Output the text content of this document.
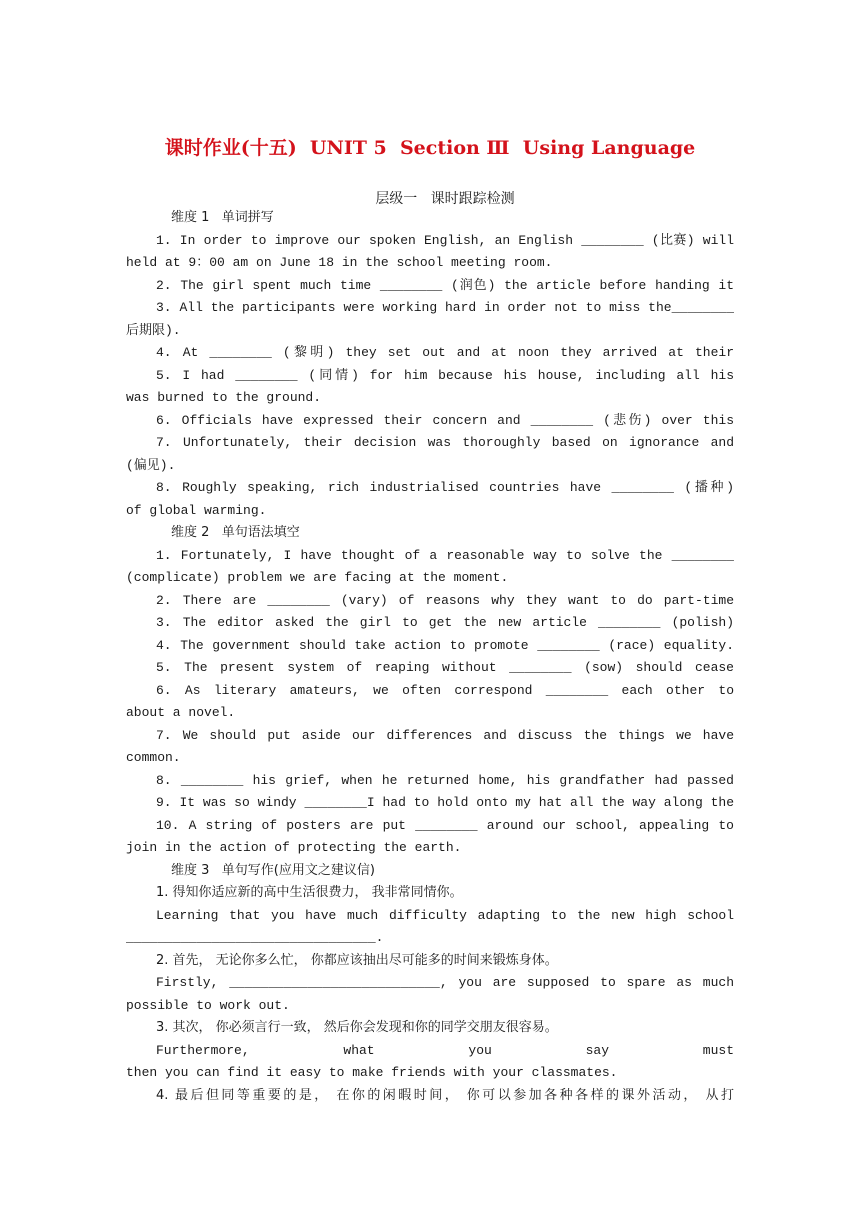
课时作业(十五)  UNIT 5  Section Ⅲ  Using Language
层级一   课时跟踪检测
维度 1   单词拼写
1. In order to improve our spoken English, an English ________ (比赛) will
held at 9：00 am on June 18 in the school meeting room.
2. The girl spent much time ________ (润色) the article before handing it
3. All the participants were working hard in order not to miss the________
后期限).
4. At ________ (黎明) they set out and at noon they arrived at their
5. I had ________ (同情) for him because his house, including all his
was burned to the ground.
6. Officials have expressed their concern and ________ (悲伤) over this
7. Unfortunately, their decision was thoroughly based on ignorance and
(偏见).
8. Roughly speaking, rich industrialised countries have ________ (播种)
of global warming.
维度 2   单句语法填空
1. Fortunately, I have thought of a reasonable way to solve the ________
(complicate) problem we are facing at the moment.
2. There are ________ (vary) of reasons why they want to do part-time
3. The editor asked the girl to get the new article ________ (polish)
4. The government should take action to promote ________ (race) equality.
5. The present system of reaping without ________ (sow) should cease
6. As literary amateurs, we often correspond ________ each other to
about a novel.
7. We should put aside our differences and discuss the things we have
common.
8. ________ his grief, when he returned home, his grandfather had passed
9. It was so windy ________I had to hold onto my hat all the way along the
10. A string of posters are put ________ around our school, appealing to
join in the action of protecting the earth.
维度 3   单句写作(应用文之建议信)
1. 得知你适应新的高中生活很费力， 我非常同情你。
Learning that you have much difficulty adapting to the new high school
________________________________.
2. 首先， 无论你多么忙， 你都应该抽出尽可能多的时间来锻炼身体。
Firstly, ___________________________, you are supposed to spare as much
possible to work out.
3. 其次， 你必须言行一致， 然后你会发现和你的同学交朋友很容易。
Furthermore, what you say must
then you can find it easy to make friends with your classmates.
4. 最后但同等重要的是， 在你的闲暇时间， 你可以参加各种各样的课外活动， 从打
